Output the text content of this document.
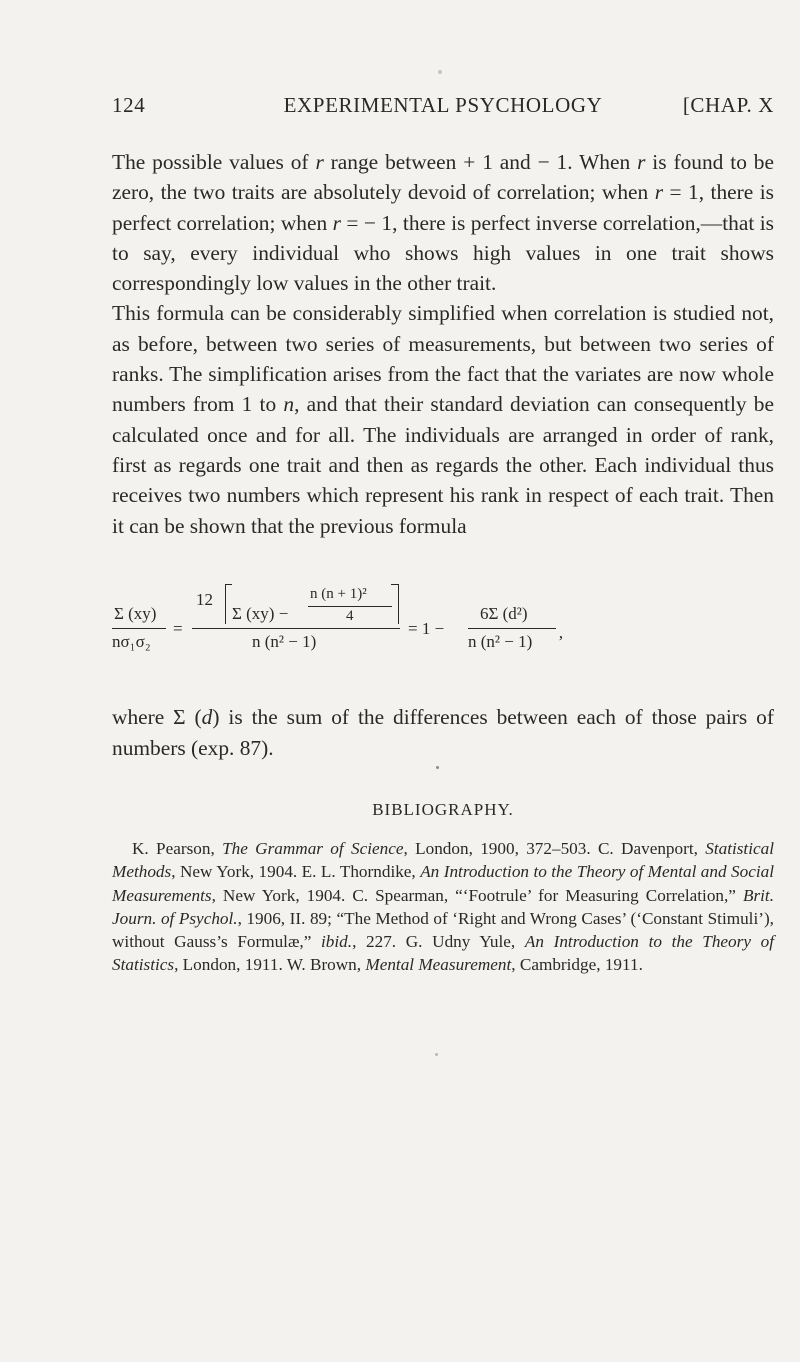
124	EXPERIMENTAL PSYCHOLOGY	[CHAP. X

The possible values of r range between + 1 and − 1. When r is found to be zero, the two traits are absolutely devoid of correlation; when r = 1, there is perfect correlation; when r = − 1, there is perfect inverse correlation,—that is to say, every individual who shows high values in one trait shows correspondingly low values in the other trait.

This formula can be considerably simplified when correlation is studied not, as before, between two series of measurements, but between two series of ranks. The simplification arises from the fact that the variates are now whole numbers from 1 to n, and that their standard deviation can consequently be calculated once and for all. The individuals are arranged in order of rank, first as regards one trait and then as regards the other. Each individual thus receives two numbers which represent his rank in respect of each trait. Then it can be shown that the previous formula

Σ (xy)
nσ₁σ₂
=
12
Σ (xy) −
n (n + 1)²
4
n (n² − 1)
= 1 −
6Σ (d²)
n (n² − 1) ’

where Σ (d) is the sum of the differences between each of those pairs of numbers (exp. 87).

BIBLIOGRAPHY.

K. Pearson, The Grammar of Science, London, 1900, 372–503. C. Davenport, Statistical Methods, New York, 1904. E. L. Thorndike, An Introduction to the Theory of Mental and Social Measurements, New York, 1904. C. Spearman, “‘Footrule’ for Measuring Correlation,” Brit. Journ. of Psychol., 1906, II. 89; “The Method of ‘Right and Wrong Cases’ (‘Constant Stimuli’), without Gauss’s Formulæ,” ibid., 227. G. Udny Yule, An Introduction to the Theory of Statistics, London, 1911. W. Brown, Mental Measurement, Cambridge, 1911.
